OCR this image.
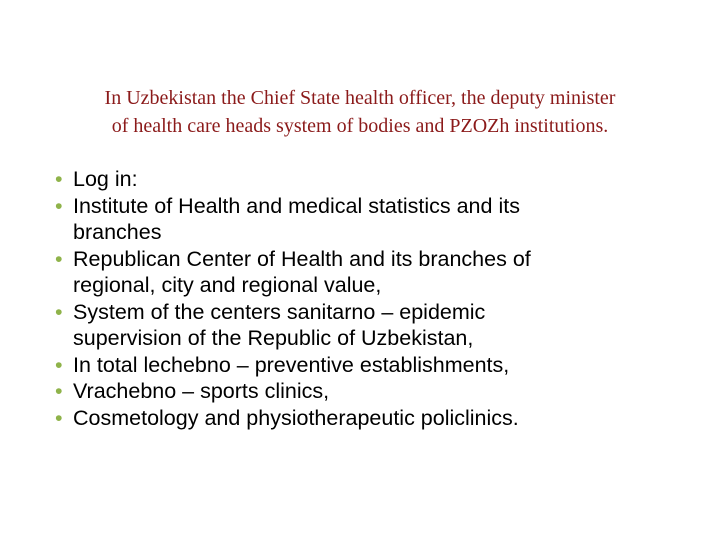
In Uzbekistan the Chief State health officer, the deputy minister
of health care heads system of bodies and PZOZh institutions.
• Log in:
• Institute of Health and medical statistics and its
branches
• Republican Center of Health and its branches of
regional, city and regional value,
• System of the centers sanitarno – epidemic
supervision of the Republic of Uzbekistan,
• In total lechebno – preventive establishments,
• Vrachebno – sports clinics,
• Cosmetology and physiotherapeutic policlinics.
